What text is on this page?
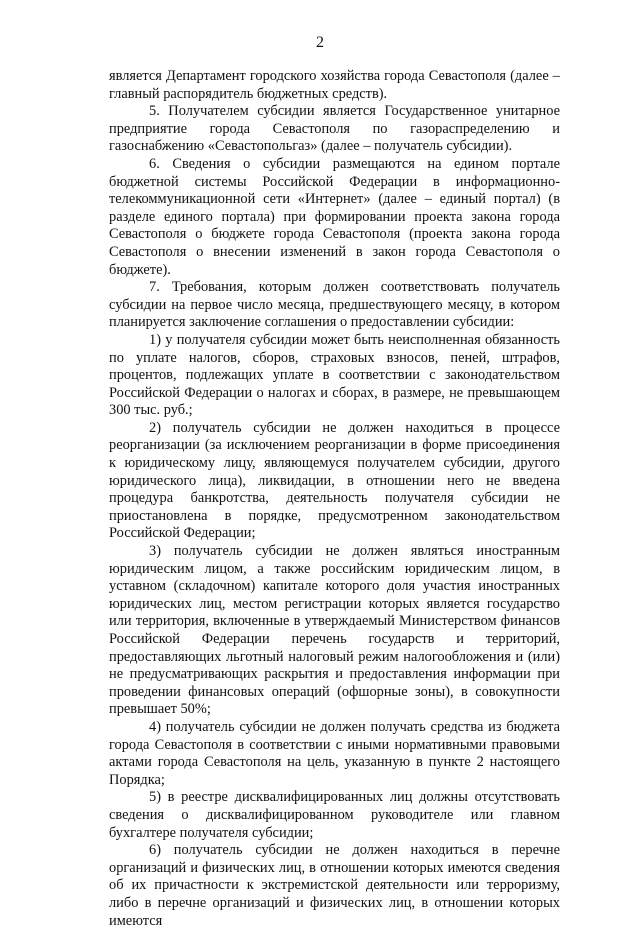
2

является Департамент городского хозяйства города Севастополя (далее – главный распорядитель бюджетных средств).

5. Получателем субсидии является Государственное унитарное предприятие города Севастополя по газораспределению и газоснабжению «Севастопольгаз» (далее – получатель субсидии).

6. Сведения о субсидии размещаются на едином портале бюджетной системы Российской Федерации в информационно-телекоммуникационной сети «Интернет» (далее – единый портал) (в разделе единого портала) при формировании проекта закона города Севастополя о бюджете города Севастополя (проекта закона города Севастополя о внесении изменений в закон города Севастополя о бюджете).

7. Требования, которым должен соответствовать получатель субсидии на первое число месяца, предшествующего месяцу, в котором планируется заключение соглашения о предоставлении субсидии:

1) у получателя субсидии может быть неисполненная обязанность по уплате налогов, сборов, страховых взносов, пеней, штрафов, процентов, подлежащих уплате в соответствии с законодательством Российской Федерации о налогах и сборах, в размере, не превышающем 300 тыс. руб.;

2) получатель субсидии не должен находиться в процессе реорганизации (за исключением реорганизации в форме присоединения к юридическому лицу, являющемуся получателем субсидии, другого юридического лица), ликвидации, в отношении него не введена процедура банкротства, деятельность получателя субсидии не приостановлена в порядке, предусмотренном законодательством Российской Федерации;

3) получатель субсидии не должен являться иностранным юридическим лицом, а также российским юридическим лицом, в уставном (складочном) капитале которого доля участия иностранных юридических лиц, местом регистрации которых является государство или территория, включенные в утверждаемый Министерством финансов Российской Федерации перечень государств и территорий, предоставляющих льготный налоговый режим налогообложения и (или) не предусматривающих раскрытия и предоставления информации при проведении финансовых операций (офшорные зоны), в совокупности превышает 50%;

4) получатель субсидии не должен получать средства из бюджета города Севастополя в соответствии с иными нормативными правовыми актами города Севастополя на цель, указанную в пункте 2 настоящего Порядка;

5) в реестре дисквалифицированных лиц должны отсутствовать сведения о дисквалифицированном руководителе или главном бухгалтере получателя субсидии;

6) получатель субсидии не должен находиться в перечне организаций и физических лиц, в отношении которых имеются сведения об их причастности к экстремистской деятельности или терроризму, либо в перечне организаций и физических лиц, в отношении которых имеются
